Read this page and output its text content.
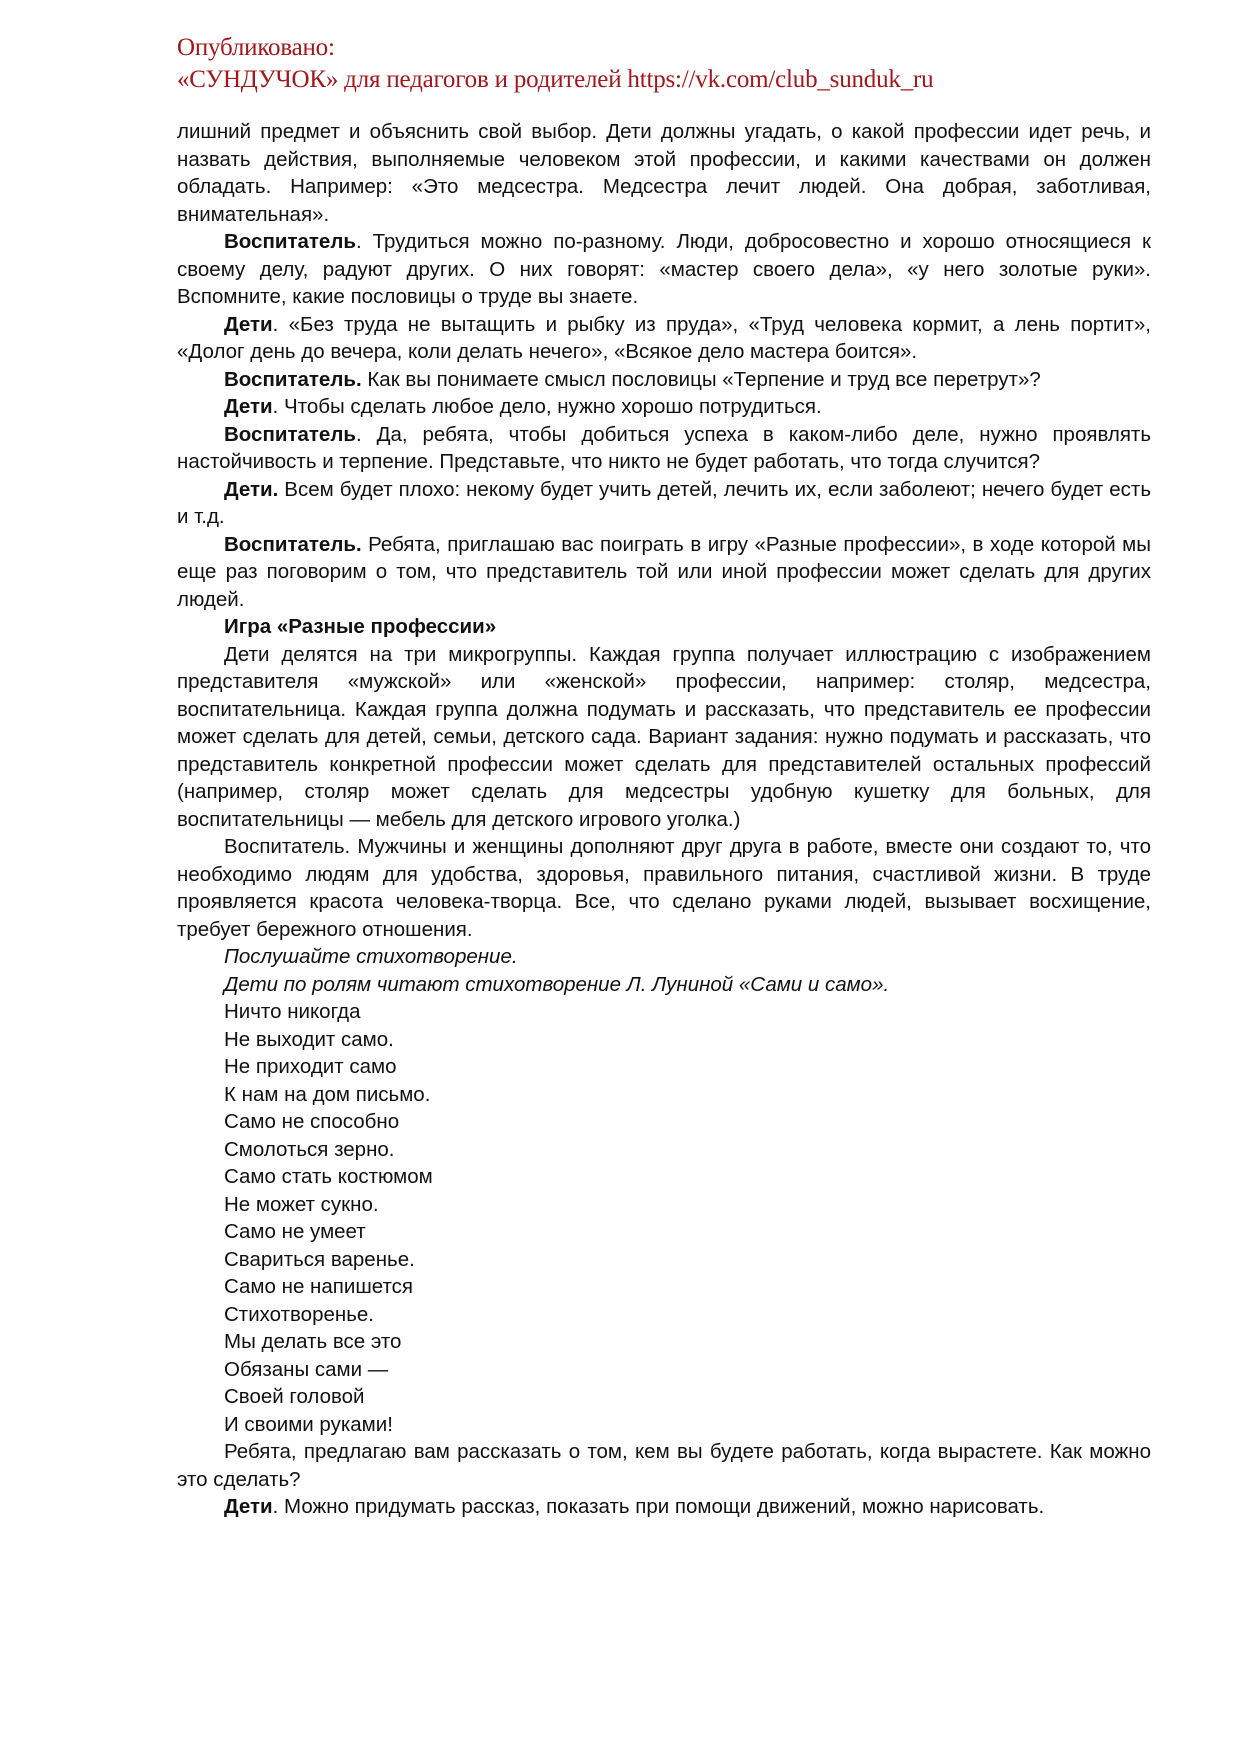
Опубликовано:
«СУНДУЧОК» для педагогов и родителей https://vk.com/club_sunduk_ru

лишний предмет и объяснить свой выбор. Дети должны угадать, о какой профессии идет речь, и назвать действия, выполняемые человеком этой профессии, и какими качествами он должен обладать. Например: «Это медсестра. Медсестра лечит людей. Она добрая, заботливая, внимательная».

Воспитатель. Трудиться можно по-разному. Люди, добросовестно и хорошо относящиеся к своему делу, радуют других. О них говорят: «мастер своего дела», «у него золотые руки». Вспомните, какие пословицы о труде вы знаете.

Дети. «Без труда не вытащить и рыбку из пруда», «Труд человека кормит, а лень портит», «Долог день до вечера, коли делать нечего», «Всякое дело мастера боится».

Воспитатель. Как вы понимаете смысл пословицы «Терпение и труд все перетрут»?

Дети. Чтобы сделать любое дело, нужно хорошо потрудиться.

Воспитатель. Да, ребята, чтобы добиться успеха в каком-либо деле, нужно проявлять настойчивость и терпение. Представьте, что никто не будет работать, что тогда случится?

Дети. Всем будет плохо: некому будет учить детей, лечить их, если заболеют; нечего будет есть и т.д.

Воспитатель. Ребята, приглашаю вас поиграть в игру «Разные профессии», в ходе которой мы еще раз поговорим о том, что представитель той или иной профессии может сделать для других людей.

Игра «Разные профессии»

Дети делятся на три микрогруппы. Каждая группа получает иллюстрацию с изображением представителя «мужской» или «женской» профессии, например: столяр, медсестра, воспитательница. Каждая группа должна подумать и рассказать, что представитель ее профессии может сделать для детей, семьи, детского сада. Вариант задания: нужно подумать и рассказать, что представитель конкретной профессии может сделать для представителей остальных профессий (например, столяр может сделать для медсестры удобную кушетку для больных, для воспитательницы — мебель для детского игрового уголка.)

Воспитатель. Мужчины и женщины дополняют друг друга в работе, вместе они создают то, что необходимо людям для удобства, здоровья, правильного питания, счастливой жизни. В труде проявляется красота человека-творца. Все, что сделано руками людей, вызывает восхищение, требует бережного отношения.

Послушайте стихотворение.

Дети по ролям читают стихотворение Л. Луниной «Сами и само».

Ничто никогда
Не выходит само.
Не приходит само
К нам на дом письмо.
Само не способно
Смолоться зерно.
Само стать костюмом
Не может сукно.
Само не умеет
Свариться варенье.
Само не напишется
Стихотворенье.
Мы делать все это
Обязаны сами —
Своей головой
И своими руками!

Ребята, предлагаю вам рассказать о том, кем вы будете работать, когда вырастете. Как можно это сделать?

Дети. Можно придумать рассказ, показать при помощи движений, можно нарисовать.
